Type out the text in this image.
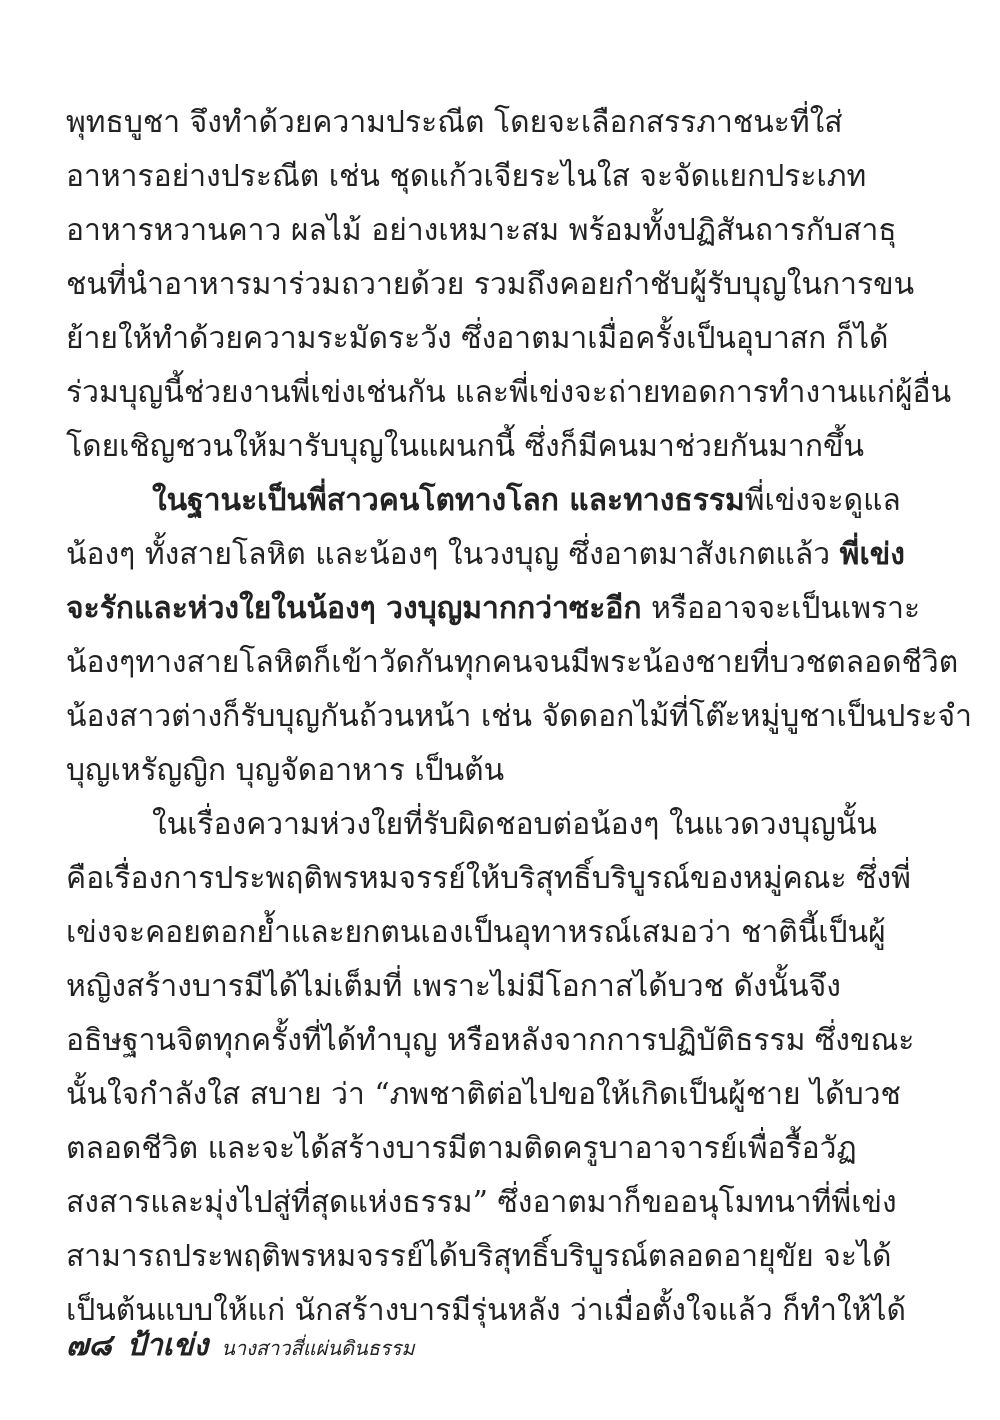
พุทธบูชา จึงทำด้วยความประณีต โดยจะเลือกสรรภาชนะที่ใส่
อาหารอย่างประณีต เช่น ชุดแก้วเจียระไนใส จะจัดแยกประเภท
อาหารหวานคาว ผลไม้ อย่างเหมาะสม พร้อมทั้งปฏิสันถารกับสาธุ
ชนที่นำอาหารมาร่วมถวายด้วย รวมถึงคอยกำชับผู้รับบุญในการขน
ย้ายให้ทำด้วยความระมัดระวัง ซึ่งอาตมาเมื่อครั้งเป็นอุบาสก ก็ได้
ร่วมบุญนี้ช่วยงานพี่เข่งเช่นกัน และพี่เข่งจะถ่ายทอดการทำงานแก่ผู้อื่น
โดยเชิญชวนให้มารับบุญในแผนกนี้ ซึ่งก็มีคนมาช่วยกันมากขึ้น
ในฐานะเป็นพี่สาวคนโตทางโลก และทางธรรมพี่เข่งจะดูแล
น้องๆ ทั้งสายโลหิต และน้องๆ ในวงบุญ ซึ่งอาตมาสังเกตแล้ว พี่เข่ง
จะรักและห่วงใยในน้องๆ วงบุญมากกว่าซะอีก หรืออาจจะเป็นเพราะ
น้องๆทางสายโลหิตก็เข้าวัดกันทุกคนจนมีพระน้องชายที่บวชตลอดชีวิต
น้องสาวต่างก็รับบุญกันถ้วนหน้า เช่น จัดดอกไม้ที่โต๊ะหมู่บูชาเป็นประจำ
บุญเหรัญญิก บุญจัดอาหาร เป็นต้น
ในเรื่องความห่วงใยที่รับผิดชอบต่อน้องๆ ในแวดวงบุญนั้น
คือเรื่องการประพฤติพรหมจรรย์ให้บริสุทธิ์บริบูรณ์ของหมู่คณะ ซึ่งพี่
เข่งจะคอยตอกย้ำและยกตนเองเป็นอุทาหรณ์เสมอว่า ชาตินี้เป็นผู้
หญิงสร้างบารมีได้ไม่เต็มที่ เพราะไม่มีโอกาสได้บวช ดังนั้นจึง
อธิษฐานจิตทุกครั้งที่ได้ทำบุญ หรือหลังจากการปฏิบัติธรรม ซึ่งขณะ
นั้นใจกำลังใส สบาย ว่า “ภพชาติต่อไปขอให้เกิดเป็นผู้ชาย ได้บวช
ตลอดชีวิต และจะได้สร้างบารมีตามติดครูบาอาจารย์เพื่อรื้อวัฏ
สงสารและมุ่งไปสู่ที่สุดแห่งธรรม” ซึ่งอาตมาก็ขออนุโมทนาที่พี่เข่ง
สามารถประพฤติพรหมจรรย์ได้บริสุทธิ์บริบูรณ์ตลอดอายุขัย จะได้
เป็นต้นแบบให้แก่ นักสร้างบารมีรุ่นหลัง ว่าเมื่อตั้งใจแล้ว ก็ทำให้ได้
๗๘ ป้าเข่ง นางสาวสี่แผ่นดินธรรม
